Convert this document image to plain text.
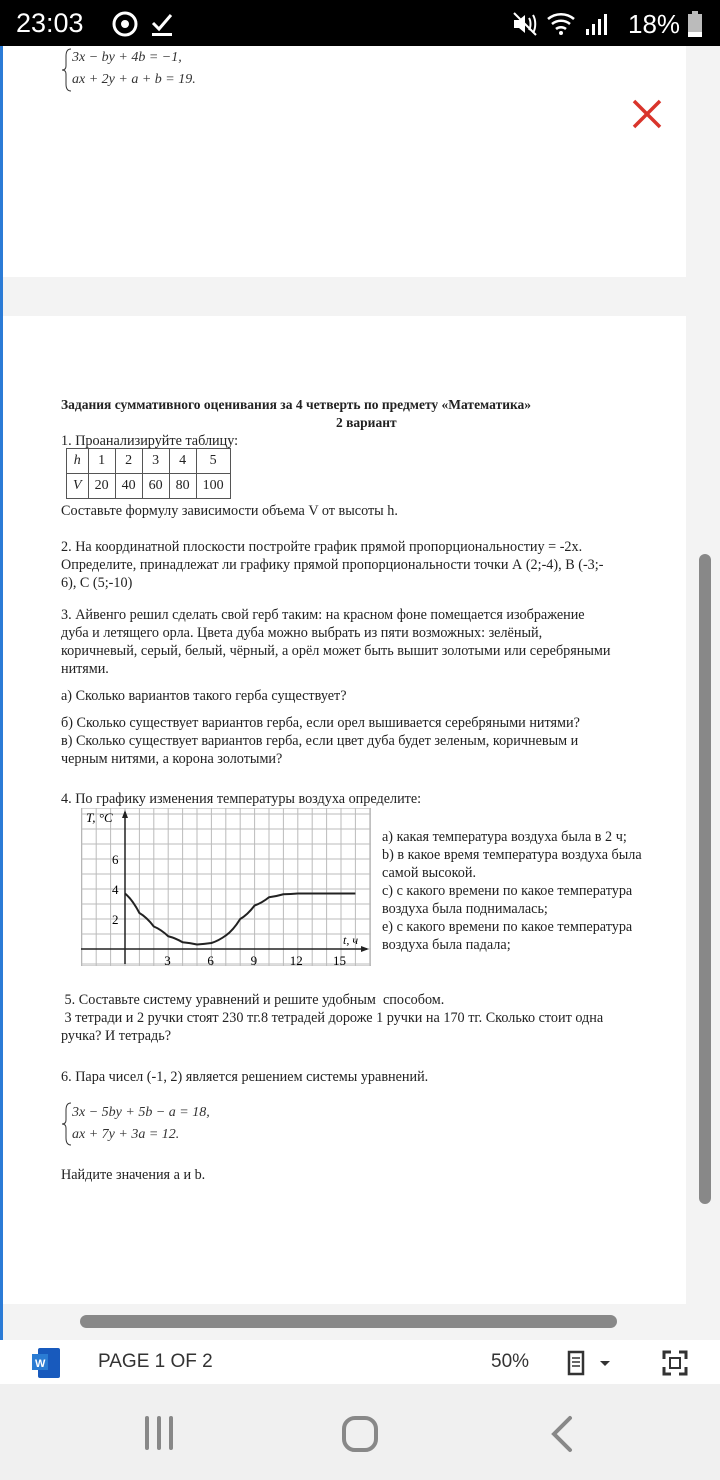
23:03	18%
3x − by + 4b = −1,
ax + 2y + a + b = 19.
Задания суммативного оценивания за 4 четверть по предмету «Математика»
2 вариант
1. Проанализируйте таблицу:
h	1	2	3	4	5
V	20	40	60	80	100
Составьте формулу зависимости объема V от высоты h.
2. На координатной плоскости постройте график прямой пропорциональностиу = -2x.
Определите, принадлежат ли графику прямой пропорциональности точки А (2;-4), В (-3;-
6), С (5;-10)
3. Айвенго решил сделать свой герб таким: на красном фоне помещается изображение
дуба и летящего орла. Цвета дуба можно выбрать из пяти возможных: зелёный,
коричневый, серый, белый, чёрный, а орёл может быть вышит золотыми или серебряными
нитями.
а) Сколько вариантов такого герба существует?
б) Сколько существует вариантов герба, если орел вышивается серебряными нитями?
в) Сколько существует вариантов герба, если цвет дуба будет зеленым, коричневым и
черным нитями, а корона золотыми?
4. По графику изменения температуры воздуха определите:
T, °C
t, ч
2
4
6
3	6	9	12 15
а) какая температура воздуха была в 2 ч;
b) в какое время температура воздуха была
самой высокой.
с) с какого времени по какое температура
воздуха была поднималась;
е) с какого времени по какое температура
воздуха была падала;
5. Составьте систему уравнений и решите удобным  способом.
3 тетради и 2 ручки стоят 230 тг.8 тетрадей дороже 1 ручки на 170 тг. Сколько стоит одна
ручка? И тетрадь?
6. Пара чисел (-1, 2) является решением системы уравнений.
3x − 5by + 5b − a = 18,
ax + 7y + 3a = 12.
Найдите значения a и b.
W	PAGE 1 OF 2	50%
